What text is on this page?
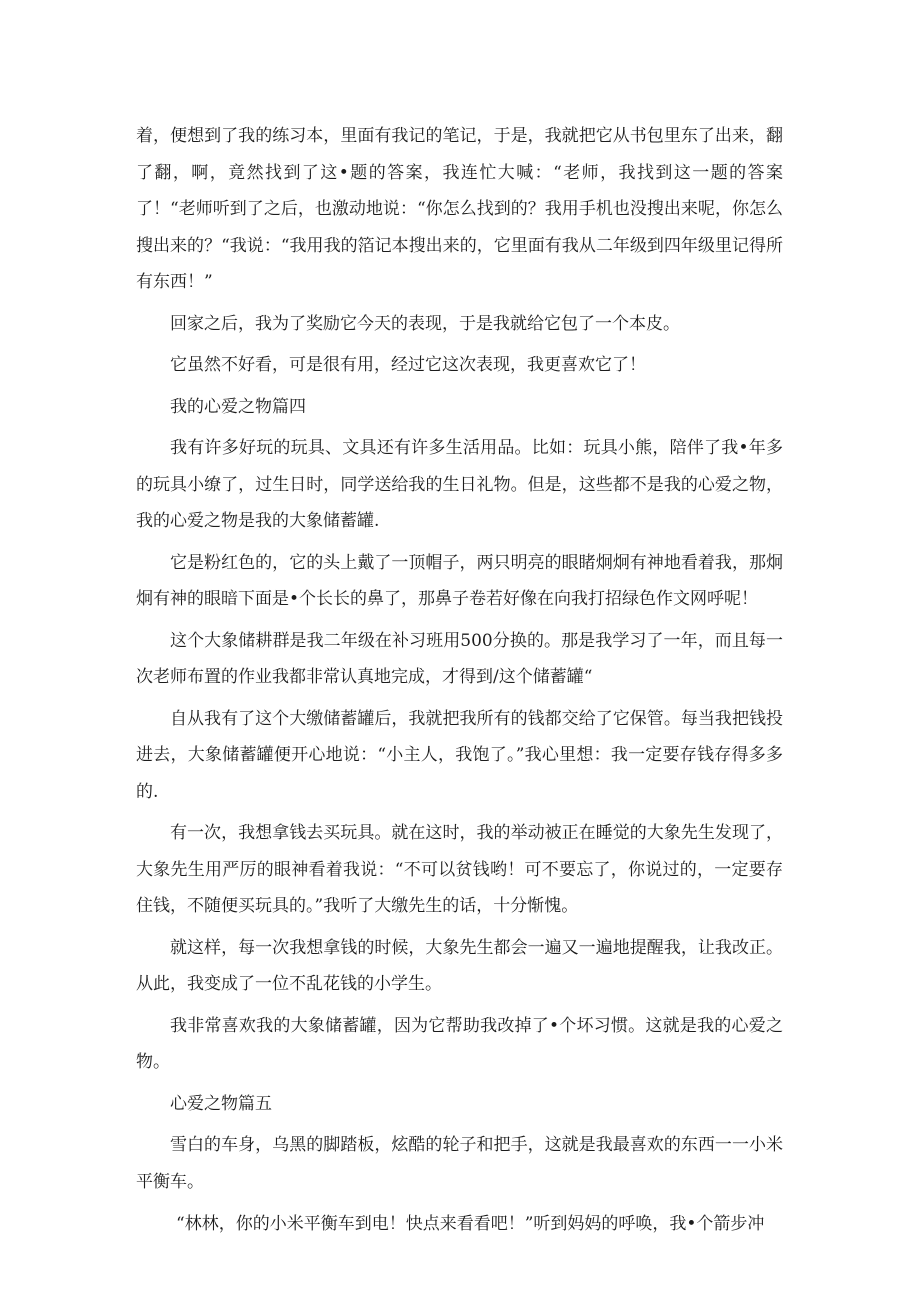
着，便想到了我的练习本，里面有我记的笔记，于是，我就把它从书包里东了出来，翻了翻，啊，竟然找到了这•题的答案，我连忙大喊：“老师，我找到这一题的答案了！“老师听到了之后，也激动地说：“你怎么找到的？我用手机也没搜出来呢，你怎么搜出来的？“我说：“我用我的箔记本搜出来的，它里面有我从二年级到四年级里记得所有东西！”

回家之后，我为了奖励它今天的表现，于是我就给它包了一个本皮。

它虽然不好看，可是很有用，经过它这次表现，我更喜欢它了！

我的心爱之物篇四

我有许多好玩的玩具、文具还有许多生活用品。比如：玩具小熊，陪伴了我•年多的玩具小缭了，过生日时，同学送给我的生日礼物。但是，这些都不是我的心爱之物，我的心爱之物是我的大象储蓄罐.

它是粉红色的，它的头上戴了一顶帽子，两只明亮的眼睹炯炯有神地看着我，那炯炯有神的眼暗下面是•个长长的鼻了，那鼻子卷若好像在向我打招绿色作文网呼呢！

这个大象储耕群是我二年级在补习班用500分换的。那是我学习了一年，而且每一次老师布置的作业我都非常认真地完成，才得到/这个储蓄罐“

自从我有了这个大缴储蓄罐后，我就把我所有的钱都交给了它保管。每当我把钱投进去，大象储蓄罐便开心地说：“小主人，我饱了。”我心里想：我一定要存钱存得多多的.

有一次，我想拿钱去买玩具。就在这时，我的举动被正在睡觉的大象先生发现了，大象先生用严厉的眼神看着我说：“不可以贫钱哟！可不要忘了，你说过的，一定要存住钱，不随便买玩具的。”我听了大缴先生的话，十分惭愧。

就这样，每一次我想拿钱的时候，大象先生都会一遍又一遍地提醒我，让我改正。从此，我变成了一位不乱花钱的小学生。

我非常喜欢我的大象储蓄罐，因为它帮助我改掉了•个坏习惯。这就是我的心爱之物。

心爱之物篇五

雪白的车身，乌黑的脚踏板，炫酷的轮子和把手，这就是我最喜欢的东西一一小米平衡车。

“林林，你的小米平衡车到电！快点来看看吧！”听到妈妈的呼唤，我•个箭步冲
